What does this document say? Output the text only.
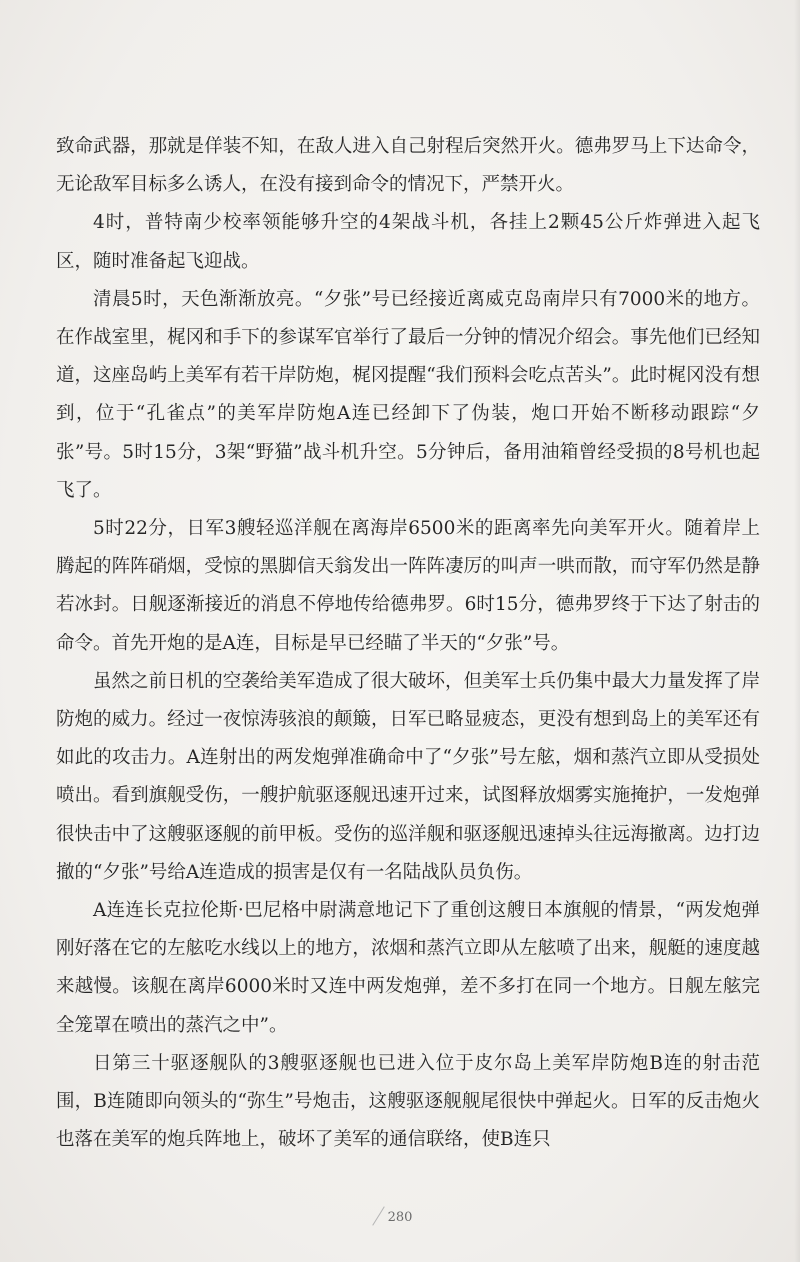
致命武器，那就是佯装不知，在敌人进入自己射程后突然开火。德弗罗马上下达命令，无论敌军目标多么诱人，在没有接到命令的情况下，严禁开火。

4时，普特南少校率领能够升空的4架战斗机，各挂上2颗45公斤炸弹进入起飞区，随时准备起飞迎战。

清晨5时，天色渐渐放亮。“夕张”号已经接近离威克岛南岸只有7000米的地方。在作战室里，梶冈和手下的参谋军官举行了最后一分钟的情况介绍会。事先他们已经知道，这座岛屿上美军有若干岸防炮，梶冈提醒“我们预料会吃点苦头”。此时梶冈没有想到，位于“孔雀点”的美军岸防炮A连已经卸下了伪装，炮口开始不断移动跟踪“夕张”号。5时15分，3架“野猫”战斗机升空。5分钟后，备用油箱曾经受损的8号机也起飞了。

5时22分，日军3艘轻巡洋舰在离海岸6500米的距离率先向美军开火。随着岸上腾起的阵阵硝烟，受惊的黑脚信天翁发出一阵阵凄厉的叫声一哄而散，而守军仍然是静若冰封。日舰逐渐接近的消息不停地传给德弗罗。6时15分，德弗罗终于下达了射击的命令。首先开炮的是A连，目标是早已经瞄了半天的“夕张”号。

虽然之前日机的空袭给美军造成了很大破坏，但美军士兵仍集中最大力量发挥了岸防炮的威力。经过一夜惊涛骇浪的颠簸，日军已略显疲态，更没有想到岛上的美军还有如此的攻击力。A连射出的两发炮弹准确命中了“夕张”号左舷，烟和蒸汽立即从受损处喷出。看到旗舰受伤，一艘护航驱逐舰迅速开过来，试图释放烟雾实施掩护，一发炮弹很快击中了这艘驱逐舰的前甲板。受伤的巡洋舰和驱逐舰迅速掉头往远海撤离。边打边撤的“夕张”号给A连造成的损害是仅有一名陆战队员负伤。

A连连长克拉伦斯·巴尼格中尉满意地记下了重创这艘日本旗舰的情景，“两发炮弹刚好落在它的左舷吃水线以上的地方，浓烟和蒸汽立即从左舷喷了出来，舰艇的速度越来越慢。该舰在离岸6000米时又连中两发炮弹，差不多打在同一个地方。日舰左舷完全笼罩在喷出的蒸汽之中”。

日第三十驱逐舰队的3艘驱逐舰也已进入位于皮尔岛上美军岸防炮B连的射击范围，B连随即向领头的“弥生”号炮击，这艘驱逐舰舰尾很快中弹起火。日军的反击炮火也落在美军的炮兵阵地上，破坏了美军的通信联络，使B连只

280
